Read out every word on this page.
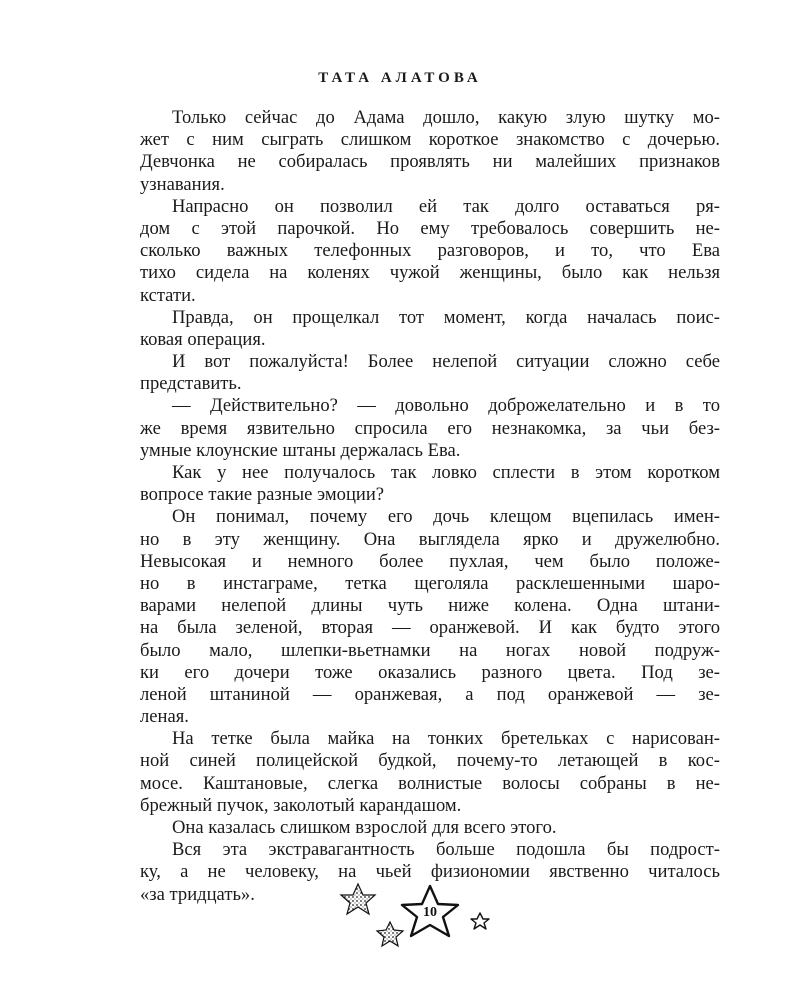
ТАТА АЛАТОВА
Только сейчас до Адама дошло, какую злую шутку мо-
жет с ним сыграть слишком короткое знакомство с дочерью.
Девчонка не собиралась проявлять ни малейших признаков
узнавания.
Напрасно он позволил ей так долго оставаться ря-
дом с этой парочкой. Но ему требовалось совершить не-
сколько важных телефонных разговоров, и то, что Ева
тихо сидела на коленях чужой женщины, было как нельзя
кстати.
Правда, он прощелкал тот момент, когда началась поис-
ковая операция.
И вот пожалуйста! Более нелепой ситуации сложно себе
представить.
— Действительно? — довольно доброжелательно и в то
же время язвительно спросила его незнакомка, за чьи без-
умные клоунские штаны держалась Ева.
Как у нее получалось так ловко сплести в этом коротком
вопросе такие разные эмоции?
Он понимал, почему его дочь клещом вцепилась имен-
но в эту женщину. Она выглядела ярко и дружелюбно.
Невысокая и немного более пухлая, чем было положе-
но в инстаграме, тетка щеголяла расклешенными шаро-
варами нелепой длины чуть ниже колена. Одна штани-
на была зеленой, вторая — оранжевой. И как будто этого
было мало, шлепки-вьетнамки на ногах новой подруж-
ки его дочери тоже оказались разного цвета. Под зе-
леной штаниной — оранжевая, а под оранжевой — зе-
леная.
На тетке была майка на тонких бретельках с нарисован-
ной синей полицейской будкой, почему-то летающей в кос-
мосе. Каштановые, слегка волнистые волосы собраны в не-
брежный пучок, заколотый карандашом.
Она казалась слишком взрослой для всего этого.
Вся эта экстравагантность больше подошла бы подрост-
ку, а не человеку, на чьей физиономии явственно читалось
«за тридцать».
10
